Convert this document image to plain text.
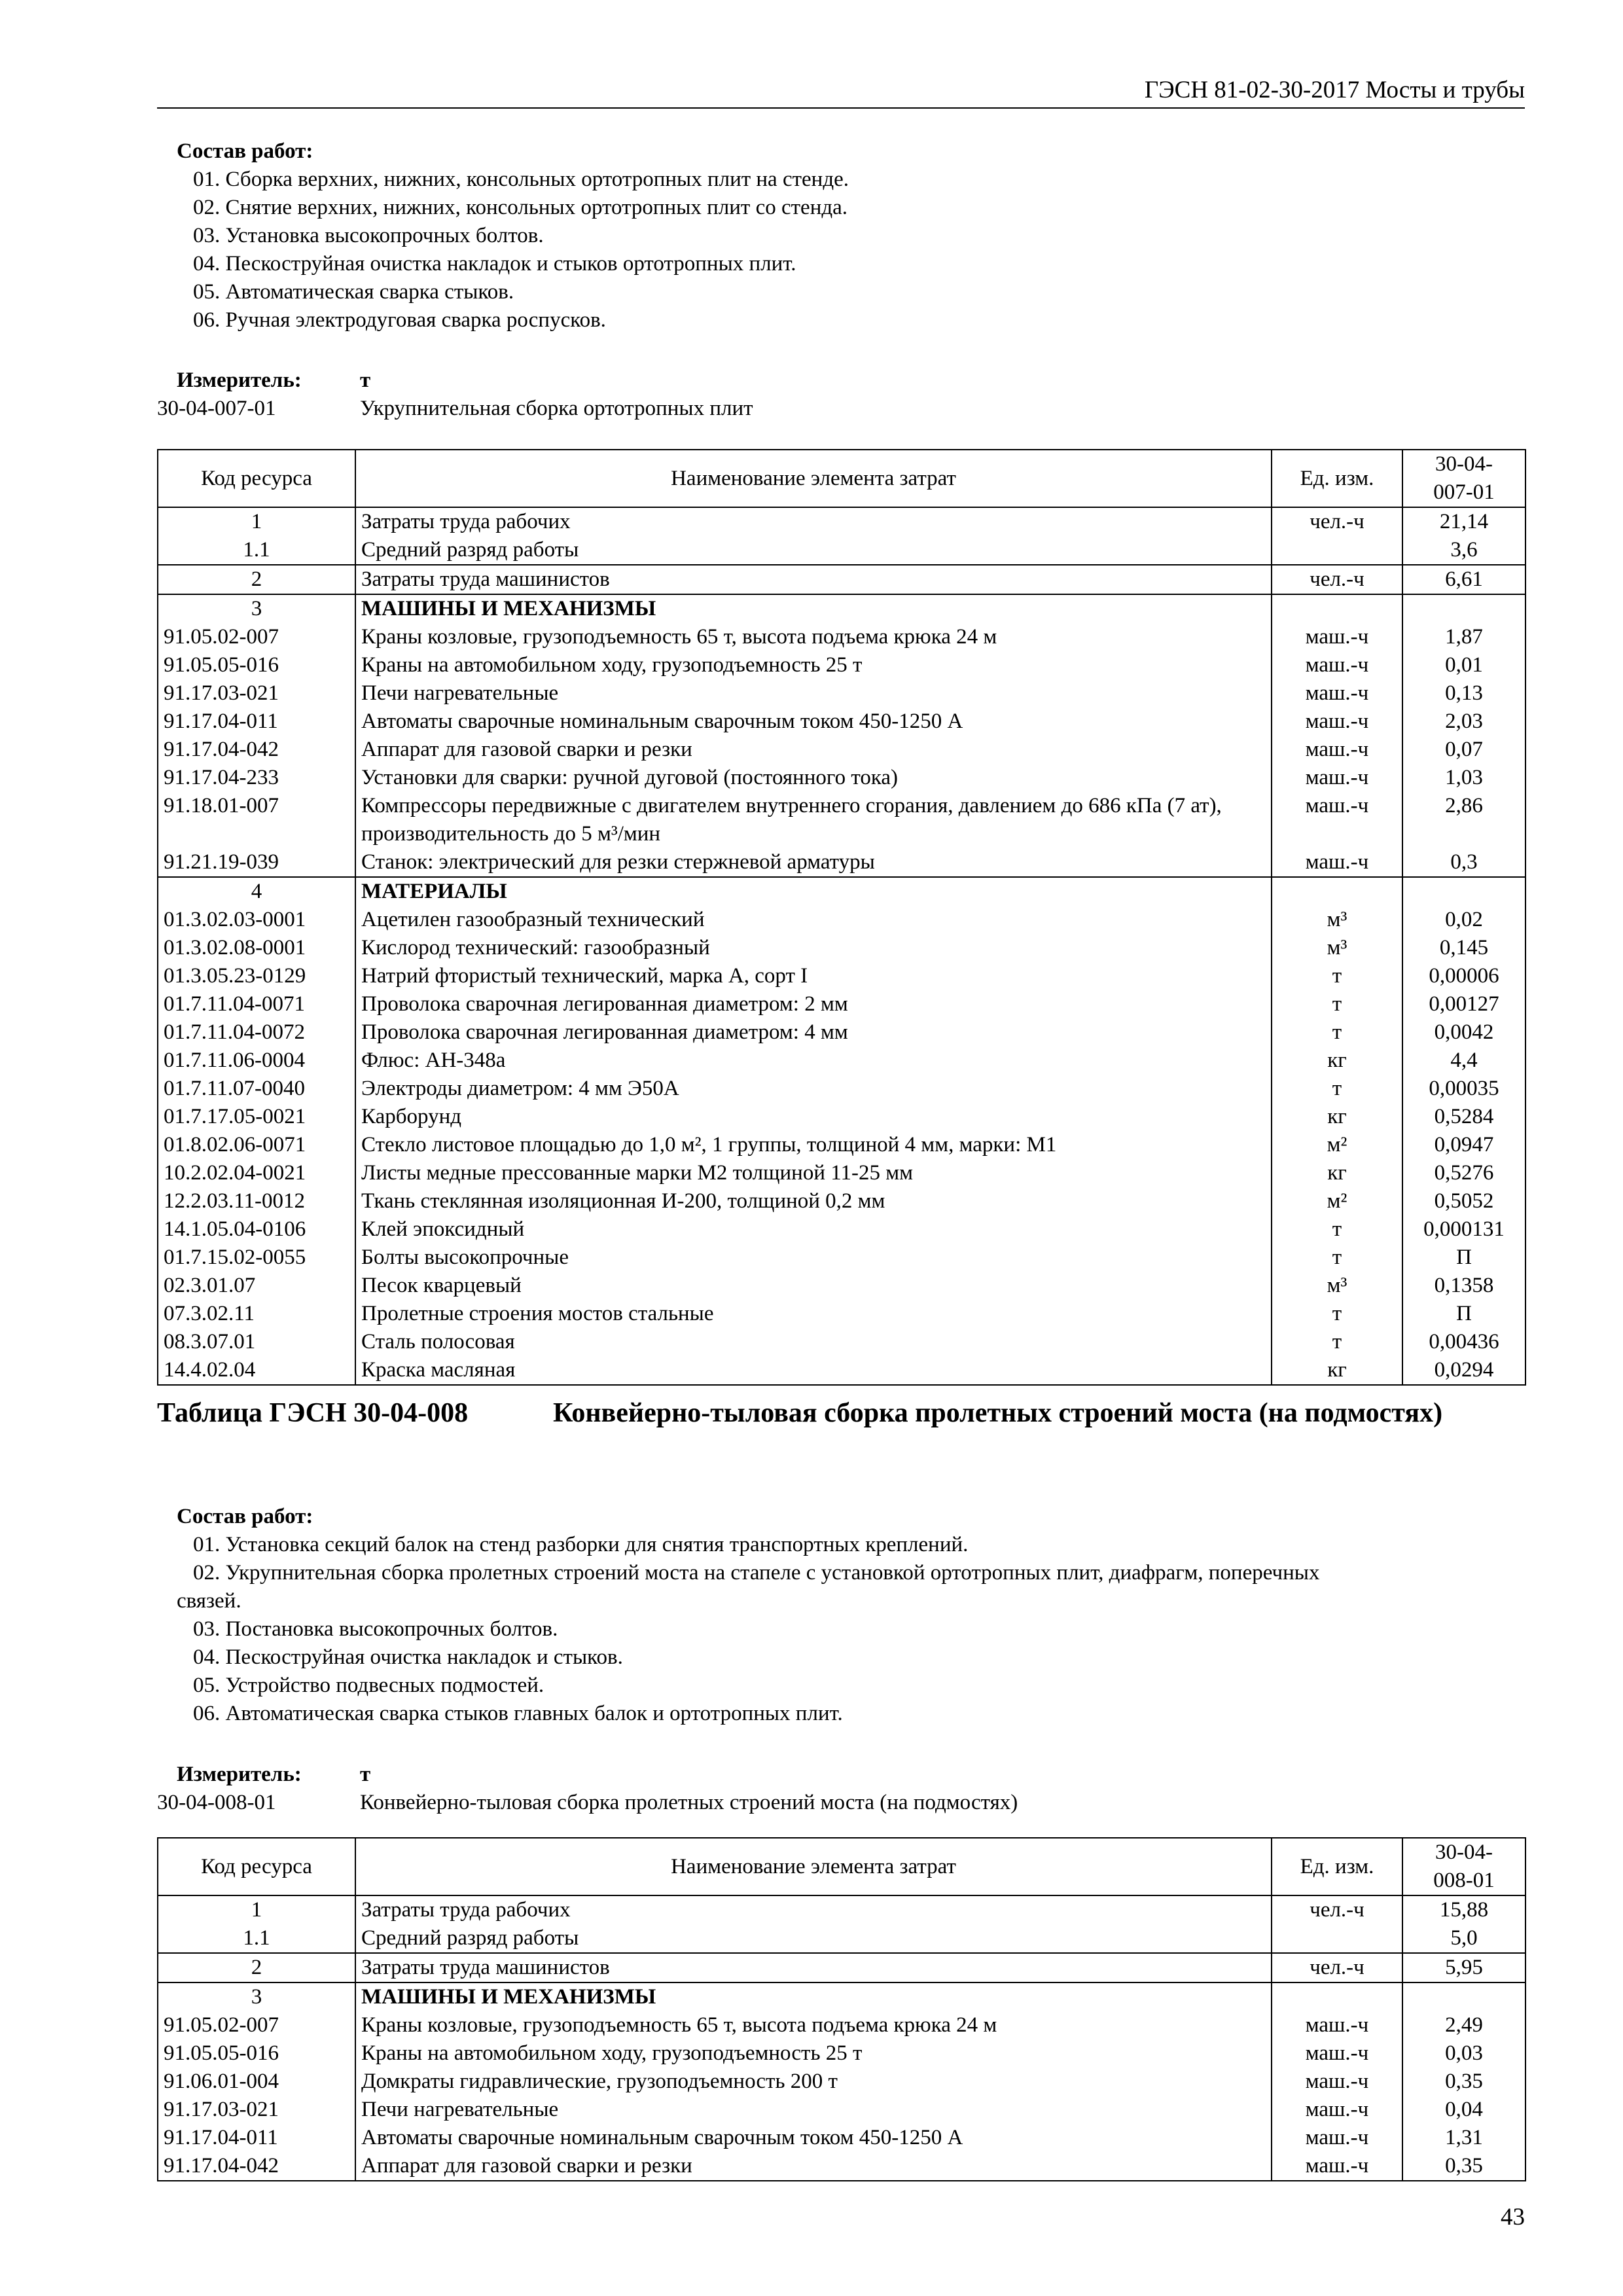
ГЭСН 81-02-30-2017 Мосты и трубы
Состав работ:
01. Сборка верхних, нижних, консольных ортотропных плит на стенде.
02. Снятие верхних, нижних, консольных ортотропных плит со стенда.
03. Установка высокопрочных болтов.
04. Пескоструйная очистка накладок и стыков ортотропных плит.
05. Автоматическая сварка стыков.
06. Ручная электродуговая сварка роспусков.
Измеритель:	т
30-04-007-01	Укрупнительная сборка ортотропных плит
Код ресурса	Наименование элемента затрат	Ед. изм.	30-04-
007-01
1	Затраты труда рабочих	чел.-ч	21,14
1.1	Средний разряд работы		3,6
2	Затраты труда машинистов	чел.-ч	6,61
3	МАШИНЫ И МЕХАНИЗМЫ		
91.05.02-007	Краны козловые, грузоподъемность 65 т, высота подъема крюка 24 м	маш.-ч	1,87
91.05.05-016	Краны на автомобильном ходу, грузоподъемность 25 т	маш.-ч	0,01
91.17.03-021	Печи нагревательные	маш.-ч	0,13
91.17.04-011	Автоматы сварочные номинальным сварочным током 450-1250 А	маш.-ч	2,03
91.17.04-042	Аппарат для газовой сварки и резки	маш.-ч	0,07
91.17.04-233	Установки для сварки: ручной дуговой (постоянного тока)	маш.-ч	1,03
91.18.01-007	Компрессоры передвижные с двигателем внутреннего сгорания, давлением до 686 кПа (7 ат), производительность до 5 м³/мин	маш.-ч	2,86
91.21.19-039	Станок: электрический для резки стержневой арматуры	маш.-ч	0,3
4	МАТЕРИАЛЫ		
01.3.02.03-0001	Ацетилен газообразный технический	м³	0,02
01.3.02.08-0001	Кислород технический: газообразный	м³	0,145
01.3.05.23-0129	Натрий фтористый технический, марка А, сорт I	т	0,00006
01.7.11.04-0071	Проволока сварочная легированная диаметром: 2 мм	т	0,00127
01.7.11.04-0072	Проволока сварочная легированная диаметром: 4 мм	т	0,0042
01.7.11.06-0004	Флюс: АН-348а	кг	4,4
01.7.11.07-0040	Электроды диаметром: 4 мм Э50А	т	0,00035
01.7.17.05-0021	Карборунд	кг	0,5284
01.8.02.06-0071	Стекло листовое площадью до 1,0 м², 1 группы, толщиной 4 мм, марки: М1	м²	0,0947
10.2.02.04-0021	Листы медные прессованные марки М2 толщиной 11-25 мм	кг	0,5276
12.2.03.11-0012	Ткань стеклянная изоляционная И-200, толщиной 0,2 мм	м²	0,5052
14.1.05.04-0106	Клей эпоксидный	т	0,000131
01.7.15.02-0055	Болты высокопрочные	т	П
02.3.01.07	Песок кварцевый	м³	0,1358
07.3.02.11	Пролетные строения мостов стальные	т	П
08.3.07.01	Сталь полосовая	т	0,00436
14.4.02.04	Краска масляная	кг	0,0294
Таблица ГЭСН 30-04-008	Конвейерно-тыловая сборка пролетных строений моста (на подмостях)
Состав работ:
01. Установка секций балок на стенд разборки для снятия транспортных креплений.
02. Укрупнительная сборка пролетных строений моста на стапеле с установкой ортотропных плит, диафрагм, поперечных
связей.
03. Постановка высокопрочных болтов.
04. Пескоструйная очистка накладок и стыков.
05. Устройство подвесных подмостей.
06. Автоматическая сварка стыков главных балок и ортотропных плит.
Измеритель:	т
30-04-008-01	Конвейерно-тыловая сборка пролетных строений моста (на подмостях)
Код ресурса	Наименование элемента затрат	Ед. изм.	30-04-
008-01
1	Затраты труда рабочих	чел.-ч	15,88
1.1	Средний разряд работы		5,0
2	Затраты труда машинистов	чел.-ч	5,95
3	МАШИНЫ И МЕХАНИЗМЫ		
91.05.02-007	Краны козловые, грузоподъемность 65 т, высота подъема крюка 24 м	маш.-ч	2,49
91.05.05-016	Краны на автомобильном ходу, грузоподъемность 25 т	маш.-ч	0,03
91.06.01-004	Домкраты гидравлические, грузоподъемность 200 т	маш.-ч	0,35
91.17.03-021	Печи нагревательные	маш.-ч	0,04
91.17.04-011	Автоматы сварочные номинальным сварочным током 450-1250 А	маш.-ч	1,31
91.17.04-042	Аппарат для газовой сварки и резки	маш.-ч	0,35
43
